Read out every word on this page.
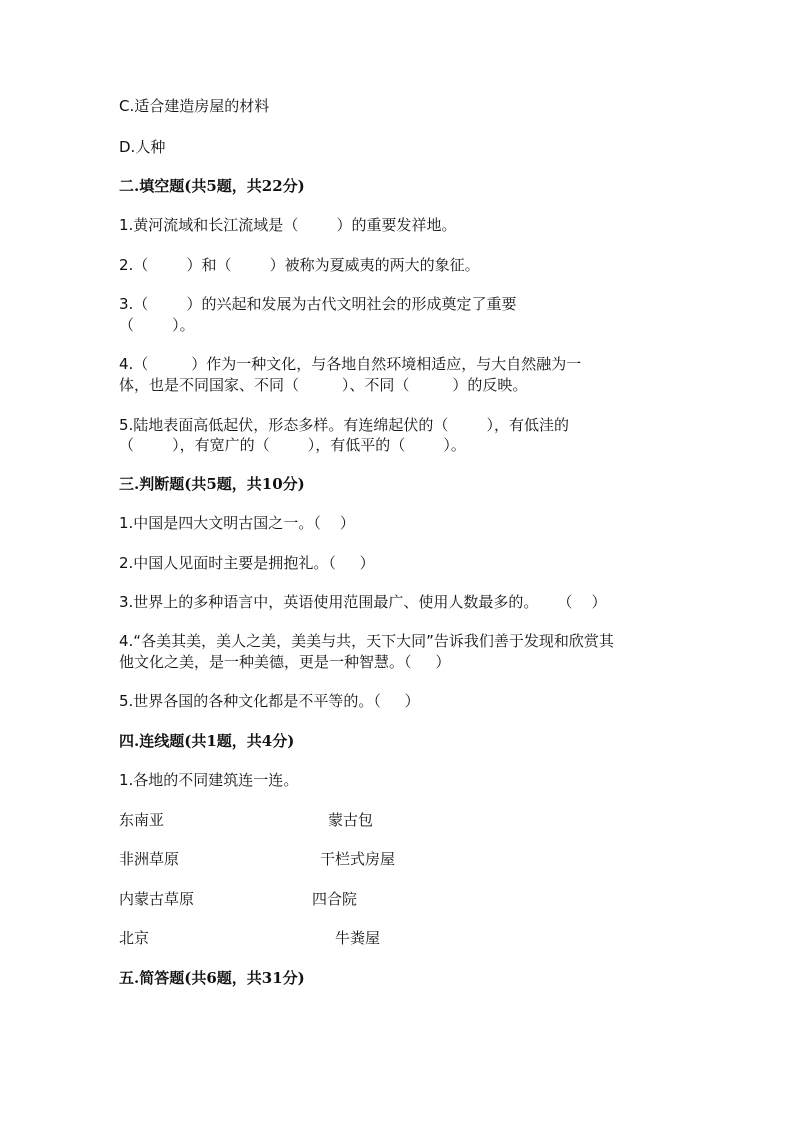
C.适合建造房屋的材料
D.人种
二.填空题(共5题，共22分)
1.黄河流域和长江流域是（        ）的重要发祥地。
2.（        ）和（        ）被称为夏威夷的两大的象征。
3.（        ）的兴起和发展为古代文明社会的形成奠定了重要
（        ）。
4.（         ）作为一种文化，与各地自然环境相适应，与大自然融为一
体，也是不同国家、不同（         ）、不同（         ）的反映。
5.陆地表面高低起伏，形态多样。有连绵起伏的（        ），有低洼的
（        ），有宽广的（        ），有低平的（        ）。
三.判断题(共5题，共10分)
1.中国是四大文明古国之一。（    ）
2.中国人见面时主要是拥抱礼。（     ）
3.世界上的多种语言中，英语使用范围最广、使用人数最多的。    （    ）
4.“各美其美，美人之美，美美与共，天下大同”告诉我们善于发现和欣赏其
他文化之美，是一种美德，更是一种智慧。（     ）
5.世界各国的各种文化都是不平等的。（     ）
四.连线题(共1题，共4分)
1.各地的不同建筑连一连。
东南亚	蒙古包
非洲草原	干栏式房屋
内蒙古草原	四合院
北京	牛粪屋
五.简答题(共6题，共31分)
